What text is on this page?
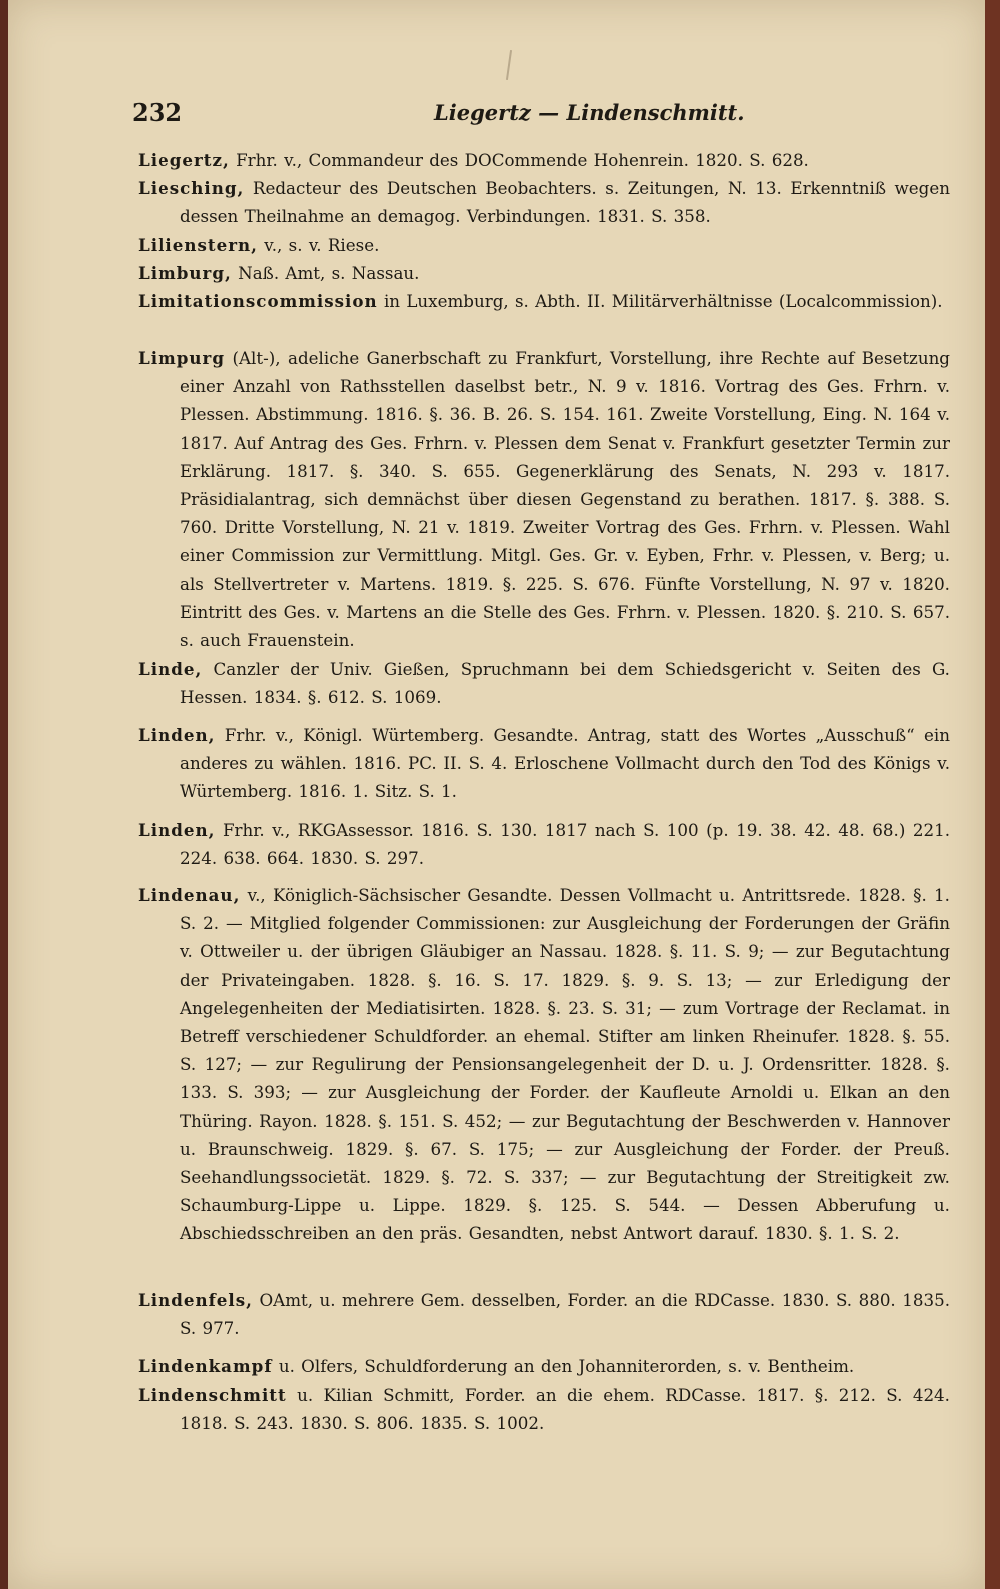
232	Liegertz — Lindenschmitt.
Liegertz, Frhr. v., Commandeur des DOCommende Hohenrein. 1820. S. 628.
Liesching, Redacteur des Deutschen Beobachters. s. Zeitungen, N. 13. Erkenntniß wegen dessen Theilnahme an demagog. Verbindungen. 1831. S. 358.
Lilienstern, v., s. v. Riese.
Limburg, Naß. Amt, s. Nassau.
Limitationscommission in Luxemburg, s. Abth. II. Militärverhältnisse (Localcommission).
Limpurg (Alt-), adeliche Ganerbschaft zu Frankfurt, Vorstellung, ihre Rechte auf Besetzung einer Anzahl von Rathsstellen daselbst betr., N. 9 v. 1816. Vortrag des Ges. Frhrn. v. Plessen. Abstimmung. 1816. §. 36. B. 26. S. 154. 161. Zweite Vorstellung, Eing. N. 164 v. 1817. Auf Antrag des Ges. Frhrn. v. Plessen dem Senat v. Frankfurt gesetzter Termin zur Erklärung. 1817. §. 340. S. 655. Gegenerklärung des Senats, N. 293 v. 1817. Präsidialantrag, sich demnächst über diesen Gegenstand zu berathen. 1817. §. 388. S. 760. Dritte Vorstellung, N. 21 v. 1819. Zweiter Vortrag des Ges. Frhrn. v. Plessen. Wahl einer Commission zur Vermittlung. Mitgl. Ges. Gr. v. Eyben, Frhr. v. Plessen, v. Berg; u. als Stellvertreter v. Martens. 1819. §. 225. S. 676. Fünfte Vorstellung, N. 97 v. 1820. Eintritt des Ges. v. Martens an die Stelle des Ges. Frhrn. v. Plessen. 1820. §. 210. S. 657. s. auch Frauenstein.
Linde, Canzler der Univ. Gießen, Spruchmann bei dem Schiedsgericht v. Seiten des G. Hessen. 1834. §. 612. S. 1069.
Linden, Frhr. v., Königl. Würtemberg. Gesandte. Antrag, statt des Wortes „Ausschuß“ ein anderes zu wählen. 1816. PC. II. S. 4. Erloschene Vollmacht durch den Tod des Königs v. Würtemberg. 1816. 1. Sitz. S. 1.
Linden, Frhr. v., RKGAssessor. 1816. S. 130. 1817 nach S. 100 (p. 19. 38. 42. 48. 68.) 221. 224. 638. 664. 1830. S. 297.
Lindenau, v., Königlich-Sächsischer Gesandte. Dessen Vollmacht u. Antrittsrede. 1828. §. 1. S. 2. — Mitglied folgender Commissionen: zur Ausgleichung der Forderungen der Gräfin v. Ottweiler u. der übrigen Gläubiger an Nassau. 1828. §. 11. S. 9; — zur Begutachtung der Privateingaben. 1828. §. 16. S. 17. 1829. §. 9. S. 13; — zur Erledigung der Angelegenheiten der Mediatisirten. 1828. §. 23. S. 31; — zum Vortrage der Reclamat. in Betreff verschiedener Schuldforder. an ehemal. Stifter am linken Rheinufer. 1828. §. 55. S. 127; — zur Regulirung der Pensionsangelegenheit der D. u. J. Ordensritter. 1828. §. 133. S. 393; — zur Ausgleichung der Forder. der Kaufleute Arnoldi u. Elkan an den Thüring. Rayon. 1828. §. 151. S. 452; — zur Begutachtung der Beschwerden v. Hannover u. Braunschweig. 1829. §. 67. S. 175; — zur Ausgleichung der Forder. der Preuß. Seehandlungssocietät. 1829. §. 72. S. 337; — zur Begutachtung der Streitigkeit zw. Schaumburg-Lippe u. Lippe. 1829. §. 125. S. 544. — Dessen Abberufung u. Abschiedsschreiben an den präs. Gesandten, nebst Antwort darauf. 1830. §. 1. S. 2.
Lindenfels, OAmt, u. mehrere Gem. desselben, Forder. an die RDCasse. 1830. S. 880. 1835. S. 977.
Lindenkampf u. Olfers, Schuldforderung an den Johanniterorden, s. v. Bentheim.
Lindenschmitt u. Kilian Schmitt, Forder. an die ehem. RDCasse. 1817. §. 212. S. 424. 1818. S. 243. 1830. S. 806. 1835. S. 1002.
